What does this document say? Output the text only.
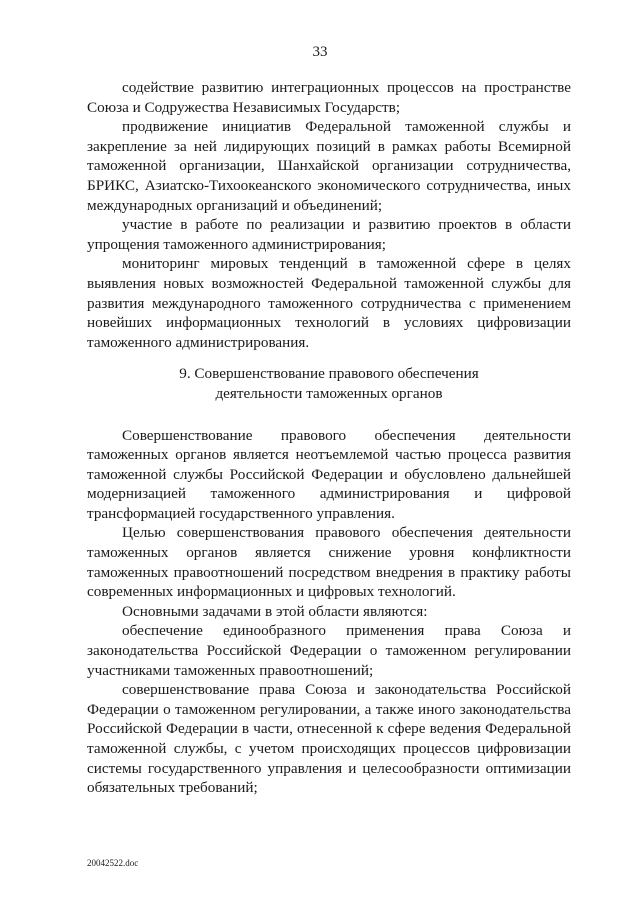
33

содействие развитию интеграционных процессов на пространстве Союза и Содружества Независимых Государств;

продвижение инициатив Федеральной таможенной службы и закрепление за ней лидирующих позиций в рамках работы Всемирной таможенной организации, Шанхайской организации сотрудничества, БРИКС, Азиатско-Тихоокеанского экономического сотрудничества, иных международных организаций и объединений;

участие в работе по реализации и развитию проектов в области упрощения таможенного администрирования;

мониторинг мировых тенденций в таможенной сфере в целях выявления новых возможностей Федеральной таможенной службы для развития международного таможенного сотрудничества с применением новейших информационных технологий в условиях цифровизации таможенного администрирования.

9. Совершенствование правового обеспечения
деятельности таможенных органов

Совершенствование правового обеспечения деятельности таможенных органов является неотъемлемой частью процесса развития таможенной службы Российской Федерации и обусловлено дальнейшей модернизацией таможенного администрирования и цифровой трансформацией государственного управления.

Целью совершенствования правового обеспечения деятельности таможенных органов является снижение уровня конфликтности таможенных правоотношений посредством внедрения в практику работы современных информационных и цифровых технологий.

Основными задачами в этой области являются:

обеспечение единообразного применения права Союза и законодательства Российской Федерации о таможенном регулировании участниками таможенных правоотношений;

совершенствование права Союза и законодательства Российской Федерации о таможенном регулировании, а также иного законодательства Российской Федерации в части, отнесенной к сфере ведения Федеральной таможенной службы, с учетом происходящих процессов цифровизации системы государственного управления и целесообразности оптимизации обязательных требований;

20042522.doc
